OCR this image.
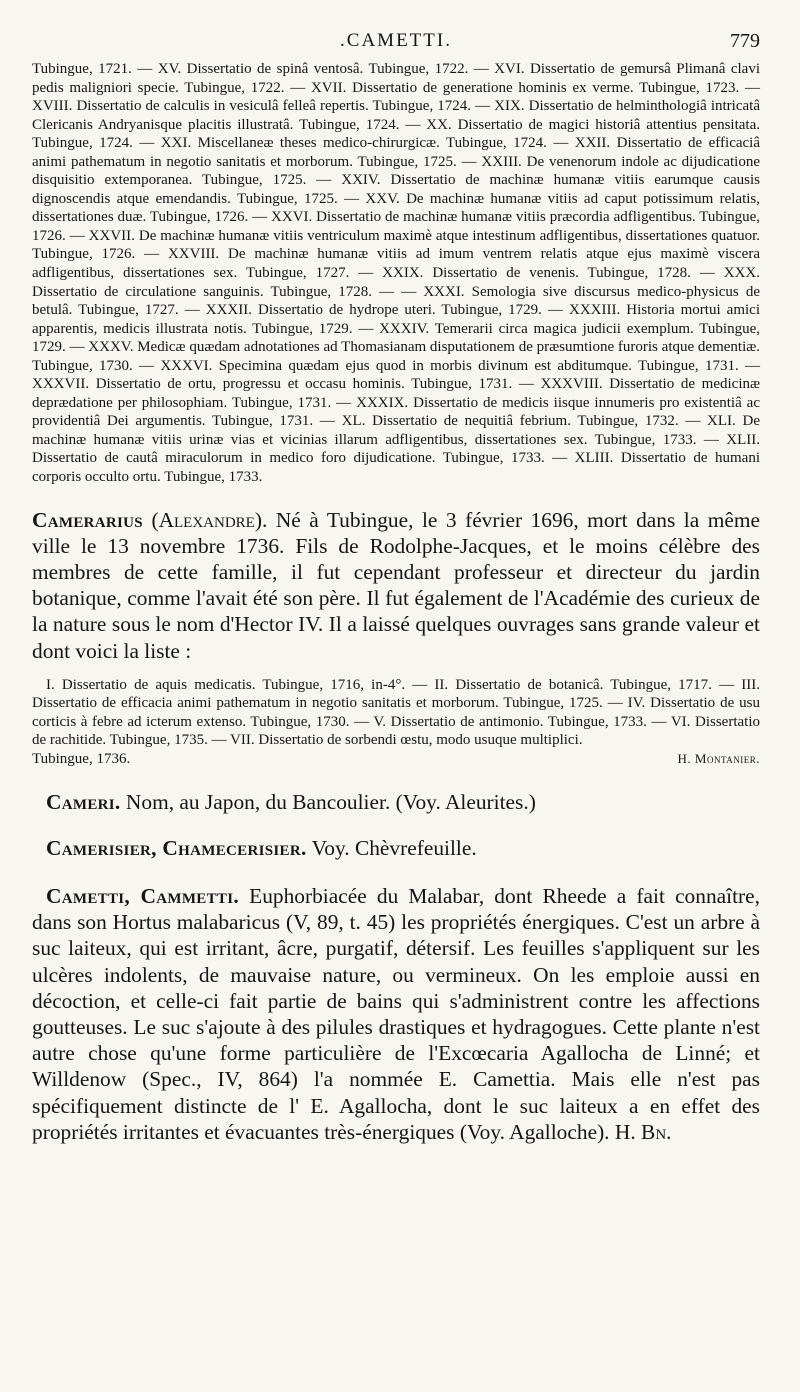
.CAMETTI.	779

Tubingue, 1721. — XV. Dissertatio de spinâ ventosâ. Tubingue, 1722. — XVI. Dissertatio de gemursâ Plimanâ clavi pedis maligniori specie. Tubingue, 1722. — XVII. Dissertatio de generatione hominis ex verme. Tubingue, 1723. — XVIII. Dissertatio de calculis in vesiculâ felleâ repertis. Tubingue, 1724. — XIX. Dissertatio de helminthologiâ intricatâ Clericanis Andryanisque placitis illustratâ. Tubingue, 1724. — XX. Dissertatio de magici historiâ attentius pensitata. Tubingue, 1724. — XXI. Miscellaneæ theses medico-chirurgicæ. Tubingue, 1724. — XXII. Dissertatio de efficaciâ animi pathematum in negotio sanitatis et morborum. Tubingue, 1725. — XXIII. De venenorum indole ac dijudicatione disquisitio extemporanea. Tubingue, 1725. — XXIV. Dissertatio de machinæ humanæ vitiis earumque causis dignoscendis atque emendandis. Tubingue, 1725. — XXV. De machinæ humanæ vitiis ad caput potissimum relatis, dissertationes duæ. Tubingue, 1726. — XXVI. Dissertatio de machinæ humanæ vitiis præcordia adfligentibus. Tubingue, 1726. — XXVII. De machinæ humanæ vitiis ventriculum maximè atque intestinum adfligentibus, dissertationes quatuor. Tubingue, 1726. — XXVIII. De machinæ humanæ vitiis ad imum ventrem relatis atque ejus maximè viscera adfligentibus, dissertationes sex. Tubingue, 1727. — XXIX. Dissertatio de venenis. Tubingue, 1728. — XXX. Dissertatio de circulatione sanguinis. Tubingue, 1728. — — XXXI. Semologia sive discursus medico-physicus de betulâ. Tubingue, 1727. — XXXII. Dissertatio de hydrope uteri. Tubingue, 1729. — XXXIII. Historia mortui amici apparentis, medicis illustrata notis. Tubingue, 1729. — XXXIV. Temerarii circa magica judicii exemplum. Tubingue, 1729. — XXXV. Medicæ quædam adnotationes ad Thomasianam disputationem de præsumtione furoris atque dementiæ. Tubingue, 1730. — XXXVI. Specimina quædam ejus quod in morbis divinum est abditumque. Tubingue, 1731. — XXXVII. Dissertatio de ortu, progressu et occasu hominis. Tubingue, 1731. — XXXVIII. Dissertatio de medicinæ deprædatione per philosophiam. Tubingue, 1731. — XXXIX. Dissertatio de medicis iisque innumeris pro existentiâ ac providentiâ Dei argumentis. Tubingue, 1731. — XL. Dissertatio de nequitiâ febrium. Tubingue, 1732. — XLI. De machinæ humanæ vitiis urinæ vias et vicinias illarum adfligentibus, dissertationes sex. Tubingue, 1733. — XLII. Dissertatio de cautâ miraculorum in medico foro dijudicatione. Tubingue, 1733. — XLIII. Dissertatio de humani corporis occulto ortu. Tubingue, 1733.

Camerarius (Alexandre). Né à Tubingue, le 3 février 1696, mort dans la même ville le 13 novembre 1736. Fils de Rodolphe-Jacques, et le moins célèbre des membres de cette famille, il fut cependant professeur et directeur du jardin botanique, comme l'avait été son père. Il fut également de l'Académie des curieux de la nature sous le nom d'Hector IV. Il a laissé quelques ouvrages sans grande valeur et dont voici la liste :

I. Dissertatio de aquis medicatis. Tubingue, 1716, in-4°. — II. Dissertatio de botanicâ. Tubingue, 1717. — III. Dissertatio de efficacia animi pathematum in negotio sanitatis et morborum. Tubingue, 1725. — IV. Dissertatio de usu corticis à febre ad icterum extenso. Tubingue, 1730. — V. Dissertatio de antimonio. Tubingue, 1733. — VI. Dissertatio de rachitide. Tubingue, 1735. — VII. Dissertatio de sorbendi œstu, modo usuque multiplici.

Tubingue, 1736.	H. Montanier.

Cameri. Nom, au Japon, du Bancoulier. (Voy. Aleurites.)

Camerisier, Chamecerisier. Voy. Chèvrefeuille.

Cametti, Cammetti. Euphorbiacée du Malabar, dont Rheede a fait connaître, dans son Hortus malabaricus (V, 89, t. 45) les propriétés énergiques. C'est un arbre à suc laiteux, qui est irritant, âcre, purgatif, détersif. Les feuilles s'appliquent sur les ulcères indolents, de mauvaise nature, ou vermineux. On les emploie aussi en décoction, et celle-ci fait partie de bains qui s'administrent contre les affections goutteuses. Le suc s'ajoute à des pilules drastiques et hydragogues. Cette plante n'est autre chose qu'une forme particulière de l'Excœcaria Agallocha de Linné; et Willdenow (Spec., IV, 864) l'a nommée E. Camettia. Mais elle n'est pas spécifiquement distincte de l' E. Agallocha, dont le suc laiteux a en effet des propriétés irritantes et évacuantes très-énergiques (Voy. Agalloche). H. Bn.
